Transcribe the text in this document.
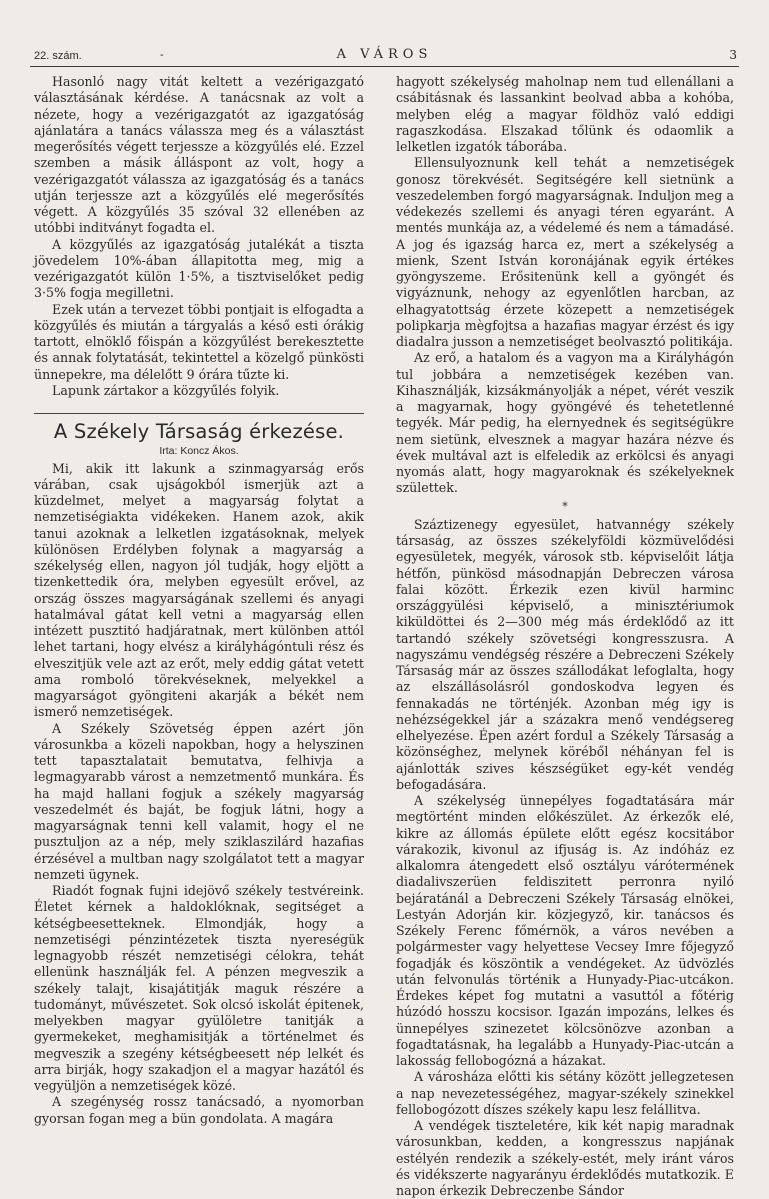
22. szám.	-	A VÁROS	3

Hasonló nagy vitát keltett a vezérigazgató választásának kérdése. A tanácsnak az volt a nézete, hogy a vezérigazgatót az igazgatóság ajánlatára a tanács válassza meg és a választást megerősítés végett terjessze a közgyűlés elé. Ezzel szemben a másik álláspont az volt, hogy a vezérigazgatót válassza az igazgatóság és a tanács utján terjessze azt a közgyűlés elé megerősítés végett. A közgyűlés 35 szóval 32 ellenében az utóbbi inditványt fogadta el.

A közgyűlés az igazgatóság jutalékát a tiszta jövedelem 10%-ában állapitotta meg, mig a vezérigazgatót külön 1·5%, a tisztviselőket pedig 3·5% fogja megilletni.

Ezek után a tervezet többi pontjait is elfogadta a közgyűlés és miután a tárgyalás a késő esti órákig tartott, elnöklő főispán a közgyűlést berekesztette és annak folytatását, tekintettel a közelgő pünkösti ünnepekre, ma délelőtt 9 órára tűzte ki.

Lapunk zártakor a közgyűlés folyik.

A Székely Társaság érkezése.
Irta: Koncz Ákos.

Mi, akik itt lakunk a szinmagyarság erős várában, csak ujságokból ismerjük azt a küzdelmet, melyet a magyarság folytat a nemzetiségiakta vidékeken. Hanem azok, akik tanui azoknak a lelketlen izgatásoknak, melyek különösen Erdélyben folynak a magyarság a székelység ellen, nagyon jól tudják, hogy eljött a tizenkettedik óra, melyben egyesült erővel, az ország összes magyarságának szellemi és anyagi hatalmával gátat kell vetni a magyarság ellen intézett pusztitó hadjáratnak, mert különben attól lehet tartani, hogy elvész a királyhágóntuli rész és elveszitjük vele azt az erőt, mely eddig gátat vetett ama romboló törekvéseknek, melyekkel a magyarságot gyöngiteni akarják a békét nem ismerő nemzetiségek.

A Székely Szövetség éppen azért jön városunkba a közeli napokban, hogy a helyszinen tett tapasztalatait bemutatva, felhivja a legmagyarabb várost a nemzetmentő munkára. És ha majd hallani fogjuk a székely magyarság veszedelmét és baját, be fogjuk látni, hogy a magyarságnak tenni kell valamit, hogy el ne pusztuljon az a nép, mely sziklaszilárd hazafias érzésével a multban nagy szolgálatot tett a magyar nemzeti ügynek.

Riadót fognak fujni idejövő székely testvéreink. Életet kérnek a haldoklóknak, segitséget a kétségbeesetteknek. Elmondják, hogy a nemzetiségi pénzintézetek tiszta nyereségük legnagyobb részét nemzetiségi célokra, tehát ellenünk használják fel. A pénzen megveszik a székely talajt, kisajátitják maguk részére a tudományt, művészetet. Sok olcsó iskolát épitenek, melyekben magyar gyülöletre tanitják a gyermekeket, meghamisitják a történelmet és megveszik a szegény kétségbeesett nép lelkét és arra birják, hogy szakadjon el a magyar hazától és vegyüljön a nemzetiségek közé.

A szegénység rossz tanácsadó, a nyomorban gyorsan fogan meg a bün gondolata. A magára

hagyott székelység maholnap nem tud ellenállani a csábitásnak és lassankint beolvad abba a kohóba, melyben elég a magyar földhöz való eddigi ragaszkodása. Elszakad tőlünk és odaomlik a lelketlen izgatók táborába.

Ellensulyoznunk kell tehát a nemzetiségek gonosz törekvését. Segitségére kell sietnünk a veszedelemben forgó magyarságnak. Induljon meg a védekezés szellemi és anyagi téren egyaránt. A mentés munkája az, a védelemé és nem a támadásé. A jog és igazság harca ez, mert a székelység a mienk, Szent István koronájának egyik értékes gyöngyszeme. Erősitenünk kell a gyöngét és vigyáznunk, nehogy az egyenlőtlen harcban, az elhagyatottság érzete közepett a nemzetiségek polipkarja mègfojtsa a hazafias magyar érzést és igy diadalra jusson a nemzetiséget beolvasztó politikája.

Az erő, a hatalom és a vagyon ma a Királyhágón tul jobbára a nemzetiségek kezében van. Kihasználják, kizsákmányolják a népet, vérét veszik a magyarnak, hogy gyöngévé és tehetetlenné tegyék. Már pedig, ha elernyednek és segitségükre nem sietünk, elvesznek a magyar hazára nézve és évek multával azt is elfeledik az erkölcsi és anyagi nyomás alatt, hogy magyaroknak és székelyeknek születtek.

*

Száztizenegy egyesület, hatvannégy székely társaság, az összes székelyföldi közmüvelődési egyesületek, megyék, városok stb. képviselőit látja hétfőn, pünkösd másodnapján Debreczen városa falai között. Érkezik ezen kivül harminc országgyülési képviselő, a minisztériumok kiküldöttei és 2—300 még más érdeklődő az itt tartandó székely szövetségi kongresszusra. A nagyszámu vendégség részére a Debreczeni Székely Társaság már az összes szállodákat lefoglalta, hogy az elszállásolásról gondoskodva legyen és fennakadás ne történjék. Azonban még igy is nehézségekkel jár a százakra menő vendégsereg elhelyezése. Épen azért fordul a Székely Társaság a közönséghez, melynek köréből néhányan fel is ajánlották szives készségüket egy-két vendég befogadására.

A székelység ünnepélyes fogadtatására már megtörtént minden előkészület. Az érkezők elé, kikre az állomás épülete előtt egész kocsitábor várakozik, kivonul az ifjuság is. Az indóház ez alkalomra átengedett első osztályu várótermének diadalivszerüen feldiszitett perronra nyiló bejáratánál a Debreczeni Székely Társaság elnökei, Lestyán Adorján kir. közjegyző, kir. tanácsos és Székely Ferenc főmérnök, a város nevében a polgármester vagy helyettese Vecsey Imre főjegyző fogadják és köszöntik a vendégeket. Az üdvözlés után felvonulás történik a Hunyady-Piac-utcákon. Érdekes képet fog mutatni a vasuttól a főtérig húzódó hosszu kocsisor. Igazán impozáns, lelkes és ünnepélyes szinezetet kölcsönözve azonban a fogadtatásnak, ha legalább a Hunyady-Piac-utcán a lakosság fellobogózná a házakat.

A városháza előtti kis sétány között jellegzetesen a nap nevezetességéhez, magyar-székely szinekkel fellobogózott díszes székely kapu lesz felállitva.

A vendégek tiszteletére, kik két napig maradnak városunkban, kedden, a kongresszus napjának estélyén rendezik a székely-estét, mely iránt város és vidékszerte nagyarányu érdeklődés mutatkozik. E napon érkezik Debreczenbe Sándor
